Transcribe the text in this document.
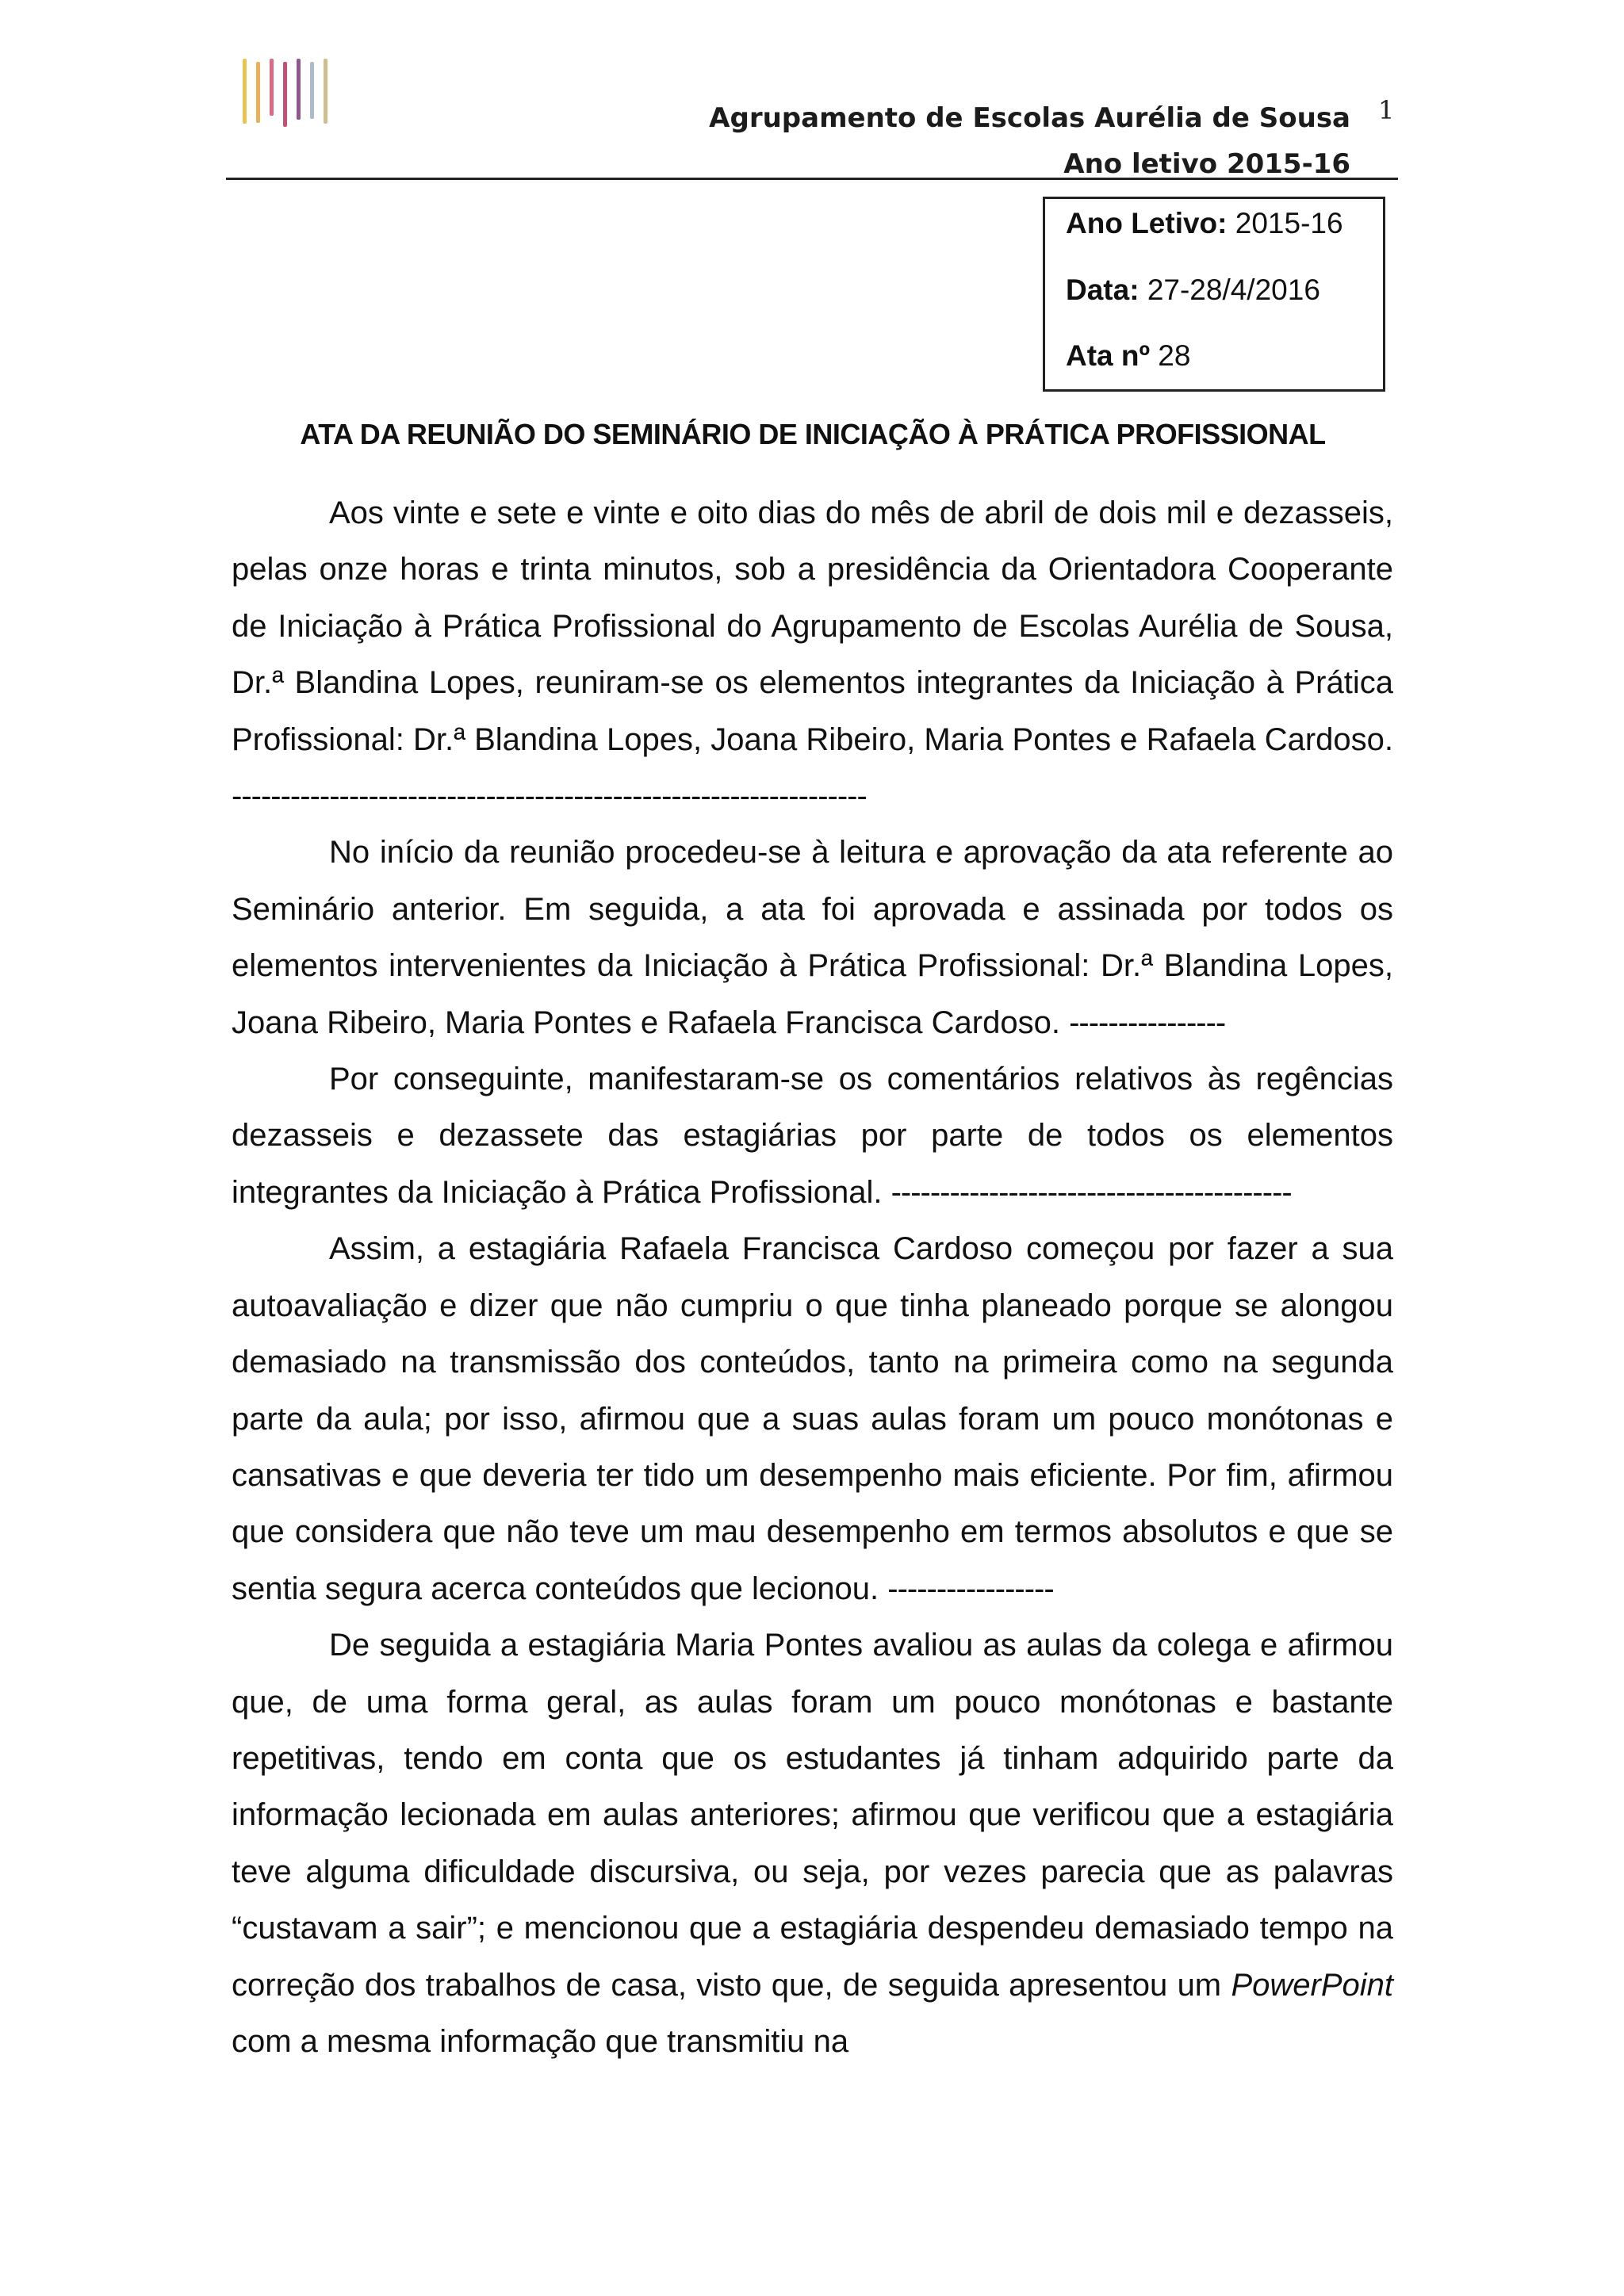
Agrupamento de Escolas Aurélia de Sousa
Ano letivo 2015-16
1
Ano Letivo: 2015-16
Data: 27-28/4/2016
Ata nº 28
ATA DA REUNIÃO DO SEMINÁRIO DE INICIAÇÃO À PRÁTICA PROFISSIONAL

Aos vinte e sete e vinte e oito dias do mês de abril de dois mil e dezasseis, pelas onze horas e trinta minutos, sob a presidência da Orientadora Cooperante de Iniciação à Prática Profissional do Agrupamento de Escolas Aurélia de Sousa, Dr.ª Blandina Lopes, reuniram-se os elementos integrantes da Iniciação à Prática Profissional: Dr.ª Blandina Lopes, Joana Ribeiro, Maria Pontes e Rafaela Cardoso. -----------------------------------------------------------------

No início da reunião procedeu-se à leitura e aprovação da ata referente ao Seminário anterior. Em seguida, a ata foi aprovada e assinada por todos os elementos intervenientes da Iniciação à Prática Profissional: Dr.ª Blandina Lopes, Joana Ribeiro, Maria Pontes e Rafaela Francisca Cardoso. ----------------

Por conseguinte, manifestaram-se os comentários relativos às regências dezasseis e dezassete das estagiárias por parte de todos os elementos integrantes da Iniciação à Prática Profissional. -----------------------------------------

Assim, a estagiária Rafaela Francisca Cardoso começou por fazer a sua autoavaliação e dizer que não cumpriu o que tinha planeado porque se alongou demasiado na transmissão dos conteúdos, tanto na primeira como na segunda parte da aula; por isso, afirmou que a suas aulas foram um pouco monótonas e cansativas e que deveria ter tido um desempenho mais eficiente. Por fim, afirmou que considera que não teve um mau desempenho em termos absolutos e que se sentia segura acerca conteúdos que lecionou. -----------------

De seguida a estagiária Maria Pontes avaliou as aulas da colega e afirmou que, de uma forma geral, as aulas foram um pouco monótonas e bastante repetitivas, tendo em conta que os estudantes já tinham adquirido parte da informação lecionada em aulas anteriores; afirmou que verificou que a estagiária teve alguma dificuldade discursiva, ou seja, por vezes parecia que as palavras “custavam a sair”; e mencionou que a estagiária despendeu demasiado tempo na correção dos trabalhos de casa, visto que, de seguida apresentou um PowerPoint com a mesma informação que transmitiu na
